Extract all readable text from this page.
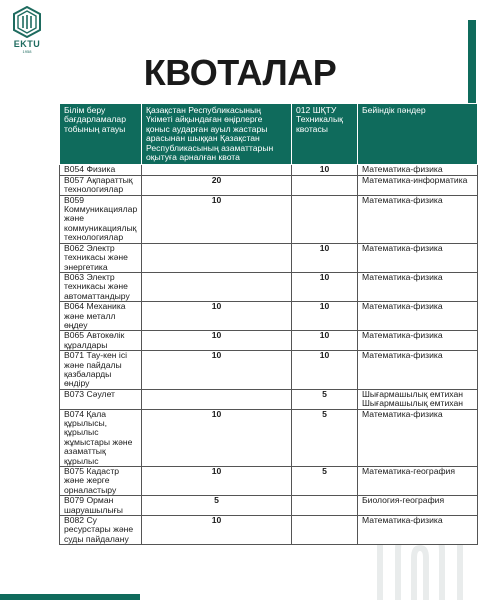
EKTU
1958
КВОТАЛАР
Білім беру бағдарламалар тобының атауы	Қазақстан Республикасының Үкіметі айқындаған өңірлерге қоныс аударған ауыл жастары арасынан шыққан Қазақстан Республикасының азаматтарын оқытуға арналған квота	012 ШҚТУ Техникалық квотасы	Бейіндік пәндер
B054 Физика		10	Математика-физика
B057 Ақпараттық технологиялар	20		Математика-информатика
B059 Коммуникациялар және коммуникациялық технологиялар	10		Математика-физика
B062 Электр техникасы және энергетика		10	Математика-физика
B063 Электр техникасы және автоматтандыру		10	Математика-физика
B064 Механика және металл өңдеу	10	10	Математика-физика
B065 Автокөлік құралдары	10	10	Математика-физика
B071 Тау-кен ісі және пайдалы қазбаларды өндіру	10	10	Математика-физика
B073 Сәулет		5	Шығармашылық емтихан Шығармашылық емтихан
B074 Қала құрылысы, құрылыс жұмыстары және азаматтық құрылыс	10	5	Математика-физика
B075 Кадастр және жерге орналастыру	10	5	Математика-география
B079 Орман шаруашылығы	5		Биология-география
B082 Су ресурстары және суды пайдалану	10		Математика-физика
